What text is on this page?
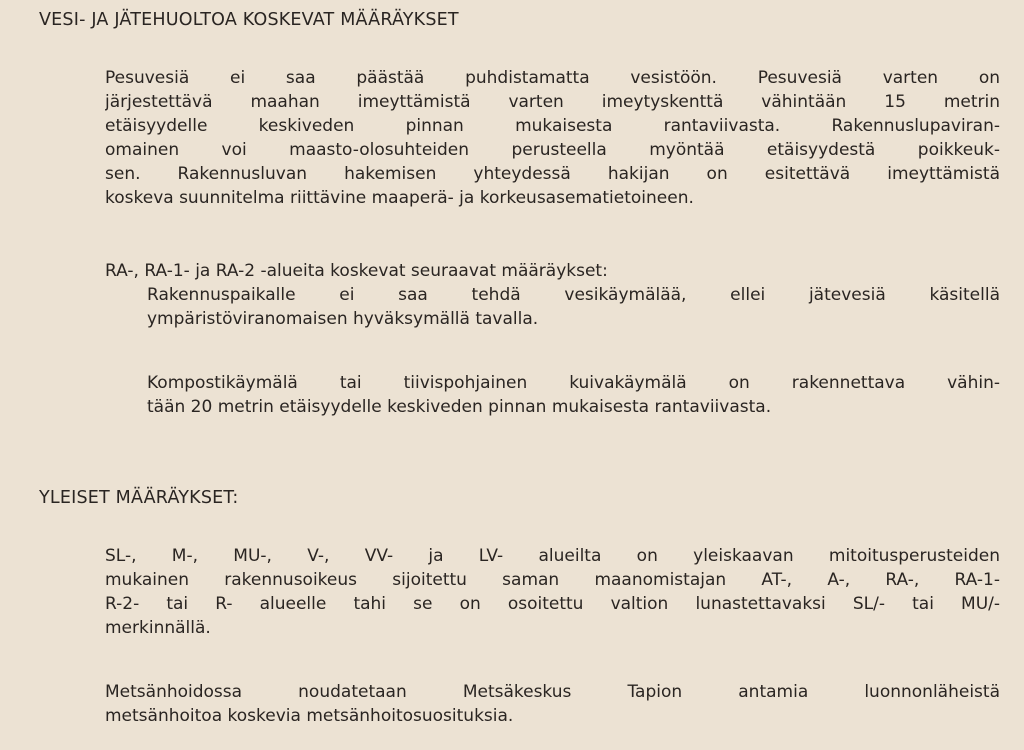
VESI- JA JÄTEHUOLTOA KOSKEVAT MÄÄRÄYKSET
Pesuvesiä ei saa päästää puhdistamatta vesistöön. Pesuvesiä varten on
järjestettävä maahan imeyttämistä varten imeytyskenttä vähintään 15 metrin
etäisyydelle keskiveden pinnan mukaisesta rantaviivasta. Rakennuslupaviran-
omainen voi maasto-olosuhteiden perusteella myöntää etäisyydestä poikkeuk-
sen. Rakennusluvan hakemisen yhteydessä hakijan on esitettävä imeyttämistä
koskeva suunnitelma riittävine maaperä- ja korkeusasematietoineen.
RA-, RA-1- ja RA-2 -alueita koskevat seuraavat määräykset:
Rakennuspaikalle ei saa tehdä vesikäymälää, ellei jätevesiä käsitellä
ympäristöviranomaisen hyväksymällä tavalla.
Kompostikäymälä tai tiivispohjainen kuivakäymälä on rakennettava vähin-
tään 20 metrin etäisyydelle keskiveden pinnan mukaisesta rantaviivasta.
YLEISET MÄÄRÄYKSET:
SL-, M-, MU-, V-, VV- ja LV- alueilta on yleiskaavan mitoitusperusteiden
mukainen rakennusoikeus sijoitettu saman maanomistajan AT-, A-, RA-, RA-1-
R-2- tai R- alueelle tahi se on osoitettu valtion lunastettavaksi SL/- tai MU/-
merkinnällä.
Metsänhoidossa noudatetaan Metsäkeskus Tapion antamia luonnonläheistä
metsänhoitoa koskevia metsänhoitosuosituksia.
